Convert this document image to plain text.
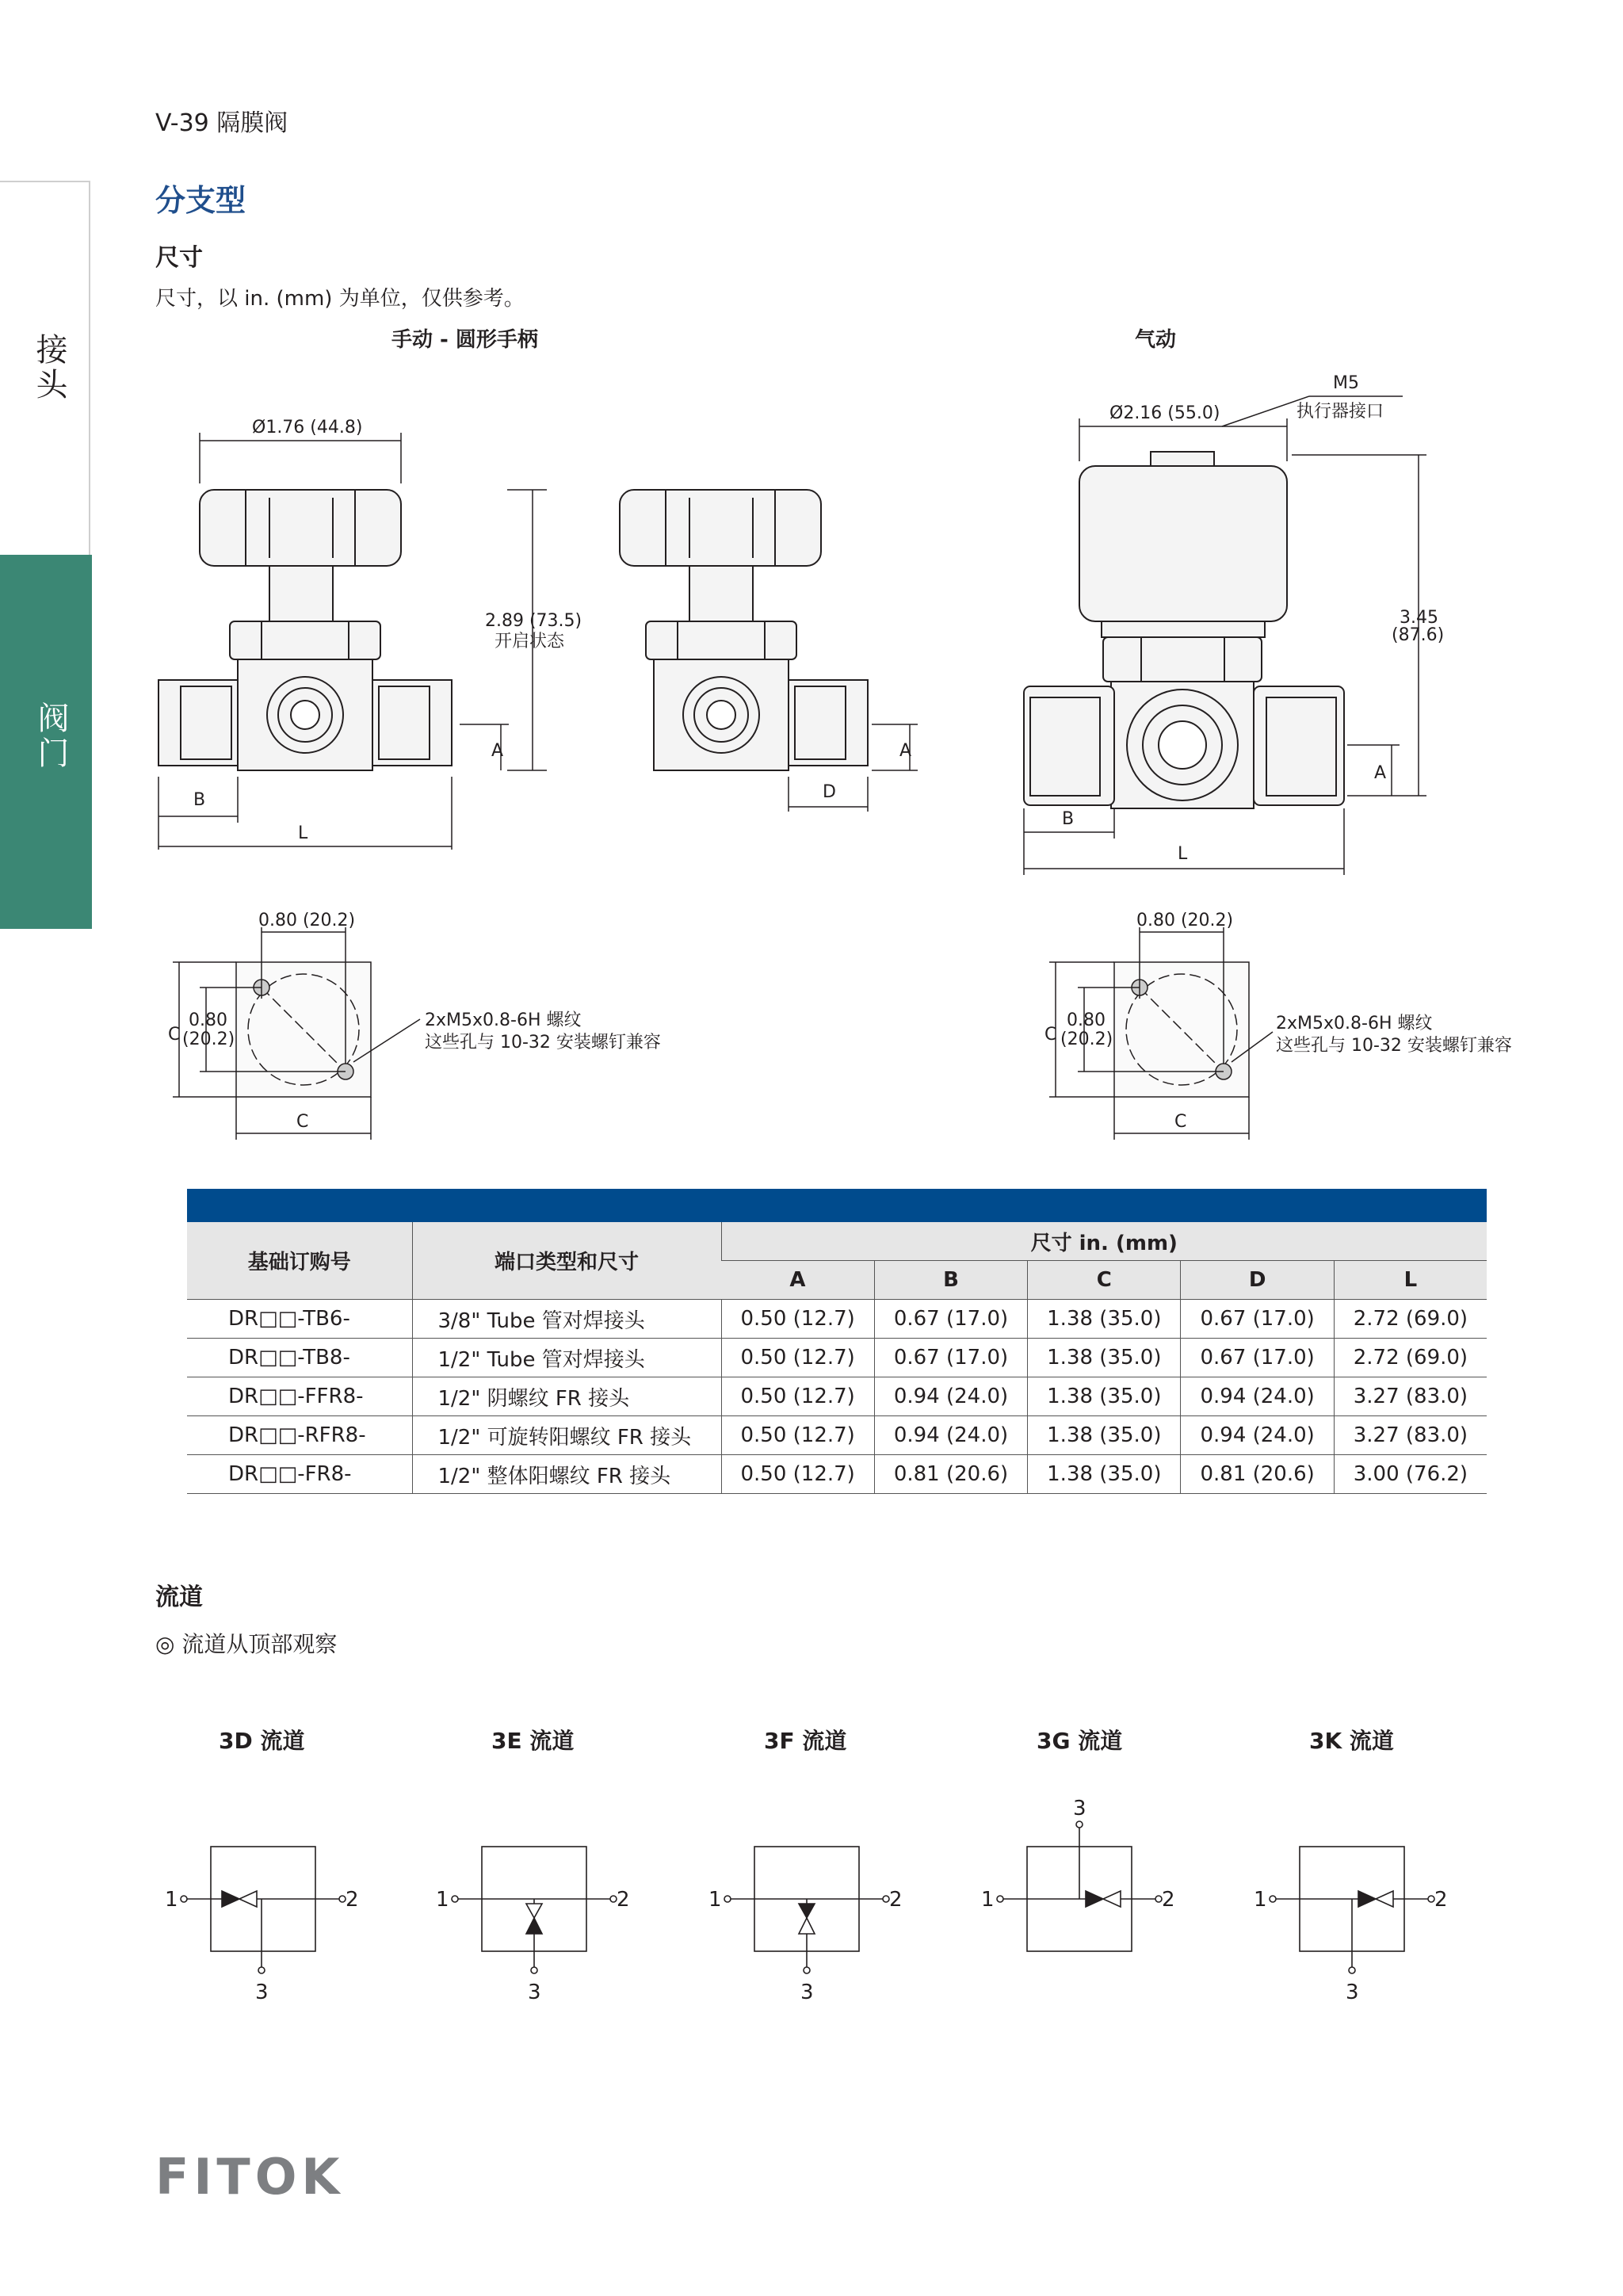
V-39 隔膜阀
接头
阀门
分支型
尺寸
尺寸，以 in. (mm) 为单位，仅供参考。
手动 - 圆形手柄	气动
Ø1.76 (44.8)
2.89 (73.5)
开启状态
A
B
L
A
D
Ø2.16 (55.0)
M5
执行器接口
3.45
(87.6)
A
B
L
0.80 (20.2)
C
0.80
(20.2)
C
2xM5x0.8-6H 螺纹
这些孔与 10-32 安装螺钉兼容
0.80 (20.2)
C
0.80
(20.2)
C
2xM5x0.8-6H 螺纹
这些孔与 10-32 安装螺钉兼容

基础订购号	端口类型和尺寸	尺寸 in. (mm)				
		A	B	C	D	L
DR□□-TB6-	3/8" Tube 管对焊接头	0.50 (12.7)	0.67 (17.0)	1.38 (35.0)	0.67 (17.0)	2.72 (69.0)
DR□□-TB8-	1/2" Tube 管对焊接头	0.50 (12.7)	0.67 (17.0)	1.38 (35.0)	0.67 (17.0)	2.72 (69.0)
DR□□-FFR8-	1/2" 阴螺纹 FR 接头	0.50 (12.7)	0.94 (24.0)	1.38 (35.0)	0.94 (24.0)	3.27 (83.0)
DR□□-RFR8-	1/2" 可旋转阳螺纹 FR 接头	0.50 (12.7)	0.94 (24.0)	1.38 (35.0)	0.94 (24.0)	3.27 (83.0)
DR□□-FR8-	1/2" 整体阳螺纹 FR 接头	0.50 (12.7)	0.81 (20.6)	1.38 (35.0)	0.81 (20.6)	3.00 (76.2)
流道
◎ 流道从顶部观察
3D 流道	3E 流道	3F 流道	3G 流道	3K 流道
1	2
3
1	2
3
1	2
3
1	2
3
1	2
3
FITOK
